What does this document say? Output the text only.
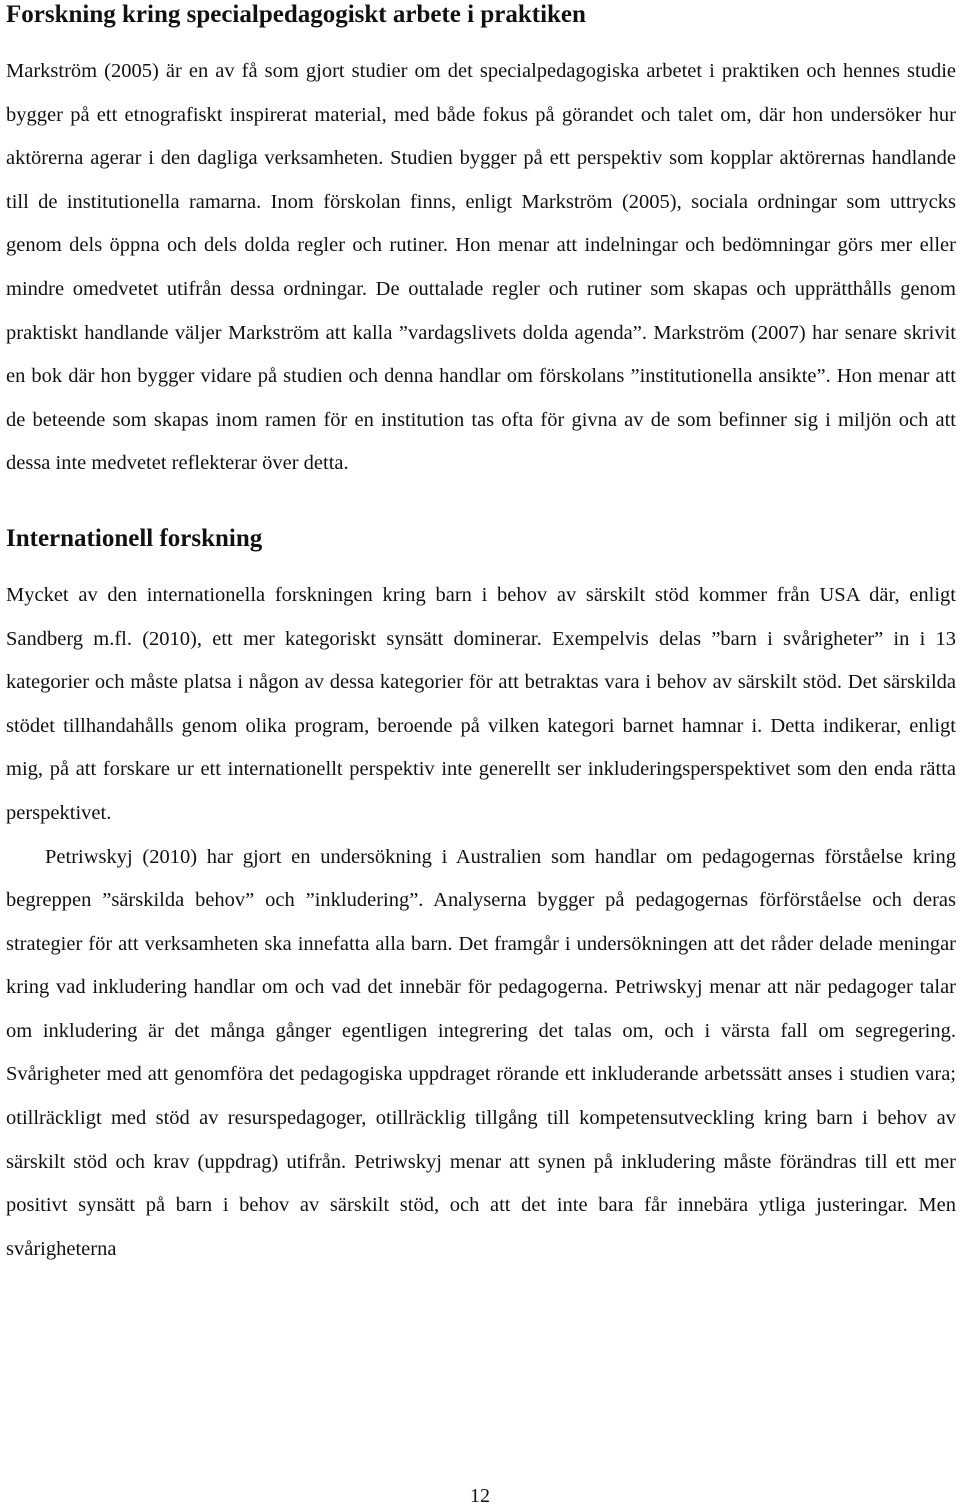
Forskning kring specialpedagogiskt arbete i praktiken

Markström (2005) är en av få som gjort studier om det specialpedagogiska arbetet i praktiken och hennes studie bygger på ett etnografiskt inspirerat material, med både fokus på görandet och talet om, där hon undersöker hur aktörerna agerar i den dagliga verksamheten. Studien bygger på ett perspektiv som kopplar aktörernas handlande till de institutionella ramarna. Inom förskolan finns, enligt Markström (2005), sociala ordningar som uttrycks genom dels öppna och dels dolda regler och rutiner. Hon menar att indelningar och bedömningar görs mer eller mindre omedvetet utifrån dessa ordningar. De outtalade regler och rutiner som skapas och upprätthålls genom praktiskt handlande väljer Markström att kalla ”vardagslivets dolda agenda”. Markström (2007) har senare skrivit en bok där hon bygger vidare på studien och denna handlar om förskolans ”institutionella ansikte”. Hon menar att de beteende som skapas inom ramen för en institution tas ofta för givna av de som befinner sig i miljön och att dessa inte medvetet reflekterar över detta.

Internationell forskning

Mycket av den internationella forskningen kring barn i behov av särskilt stöd kommer från USA där, enligt Sandberg m.fl. (2010), ett mer kategoriskt synsätt dominerar. Exempelvis delas ”barn i svårigheter” in i 13 kategorier och måste platsa i någon av dessa kategorier för att betraktas vara i behov av särskilt stöd. Det särskilda stödet tillhandahålls genom olika program, beroende på vilken kategori barnet hamnar i. Detta indikerar, enligt mig, på att forskare ur ett internationellt perspektiv inte generellt ser inkluderingsperspektivet som den enda rätta perspektivet.

Petriwskyj (2010) har gjort en undersökning i Australien som handlar om pedagogernas förståelse kring begreppen ”särskilda behov” och ”inkludering”. Analyserna bygger på pedagogernas förförståelse och deras strategier för att verksamheten ska innefatta alla barn. Det framgår i undersökningen att det råder delade meningar kring vad inkludering handlar om och vad det innebär för pedagogerna. Petriwskyj menar att när pedagoger talar om inkludering är det många gånger egentligen integrering det talas om, och i värsta fall om segregering. Svårigheter med att genomföra det pedagogiska uppdraget rörande ett inkluderande arbetssätt anses i studien vara; otillräckligt med stöd av resurspedagoger, otillräcklig tillgång till kompetensutveckling kring barn i behov av särskilt stöd och krav (uppdrag) utifrån. Petriwskyj menar att synen på inkludering måste förändras till ett mer positivt synsätt på barn i behov av särskilt stöd, och att det inte bara får innebära ytliga justeringar. Men svårigheterna

12
